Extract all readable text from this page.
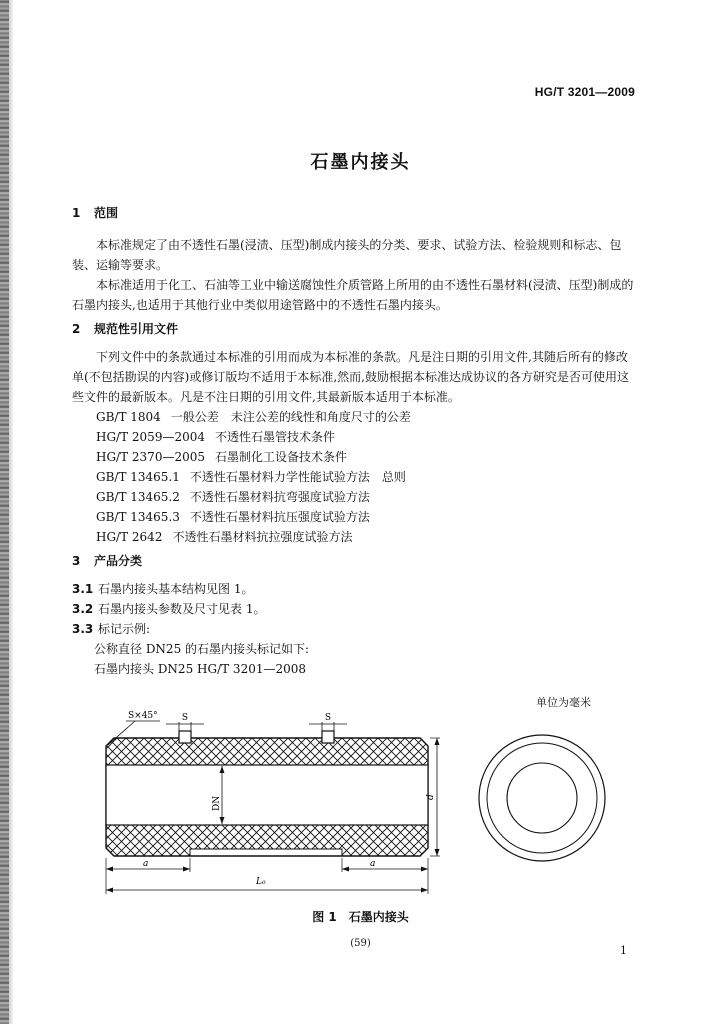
HG/T 3201—2009
石墨内接头
1 范围

本标准规定了由不透性石墨(浸渍、压型)制成内接头的分类、要求、试验方法、检验规则和标志、包装、运输等要求。

本标准适用于化工、石油等工业中输送腐蚀性介质管路上所用的由不透性石墨材料(浸渍、压型)制成的石墨内接头,也适用于其他行业中类似用途管路中的不透性石墨内接头。

2 规范性引用文件

下列文件中的条款通过本标准的引用而成为本标准的条款。凡是注日期的引用文件,其随后所有的修改单(不包括勘误的内容)或修订版均不适用于本标准,然而,鼓励根据本标准达成协议的各方研究是否可使用这些文件的最新版本。凡是不注日期的引用文件,其最新版本适用于本标准。

GB/T 1804 一般公差　未注公差的线性和角度尺寸的公差
HG/T 2059—2004 不透性石墨管技术条件
HG/T 2370—2005 石墨制化工设备技术条件
GB/T 13465.1 不透性石墨材料力学性能试验方法　总则
GB/T 13465.2 不透性石墨材料抗弯强度试验方法
GB/T 13465.3 不透性石墨材料抗压强度试验方法
HG/T 2642 不透性石墨材料抗拉强度试验方法
3 产品分类
3.1 石墨内接头基本结构见图 1。
3.2 石墨内接头参数及尺寸见表 1。
3.3 标记示例:
公称直径 DN25 的石墨内接头标记如下:
石墨内接头 DN25 HG/T 3201—2008
单位为毫米
S	S
S×45°
DN	d
a	a
L₀
图 1 石墨内接头
(59)
1
